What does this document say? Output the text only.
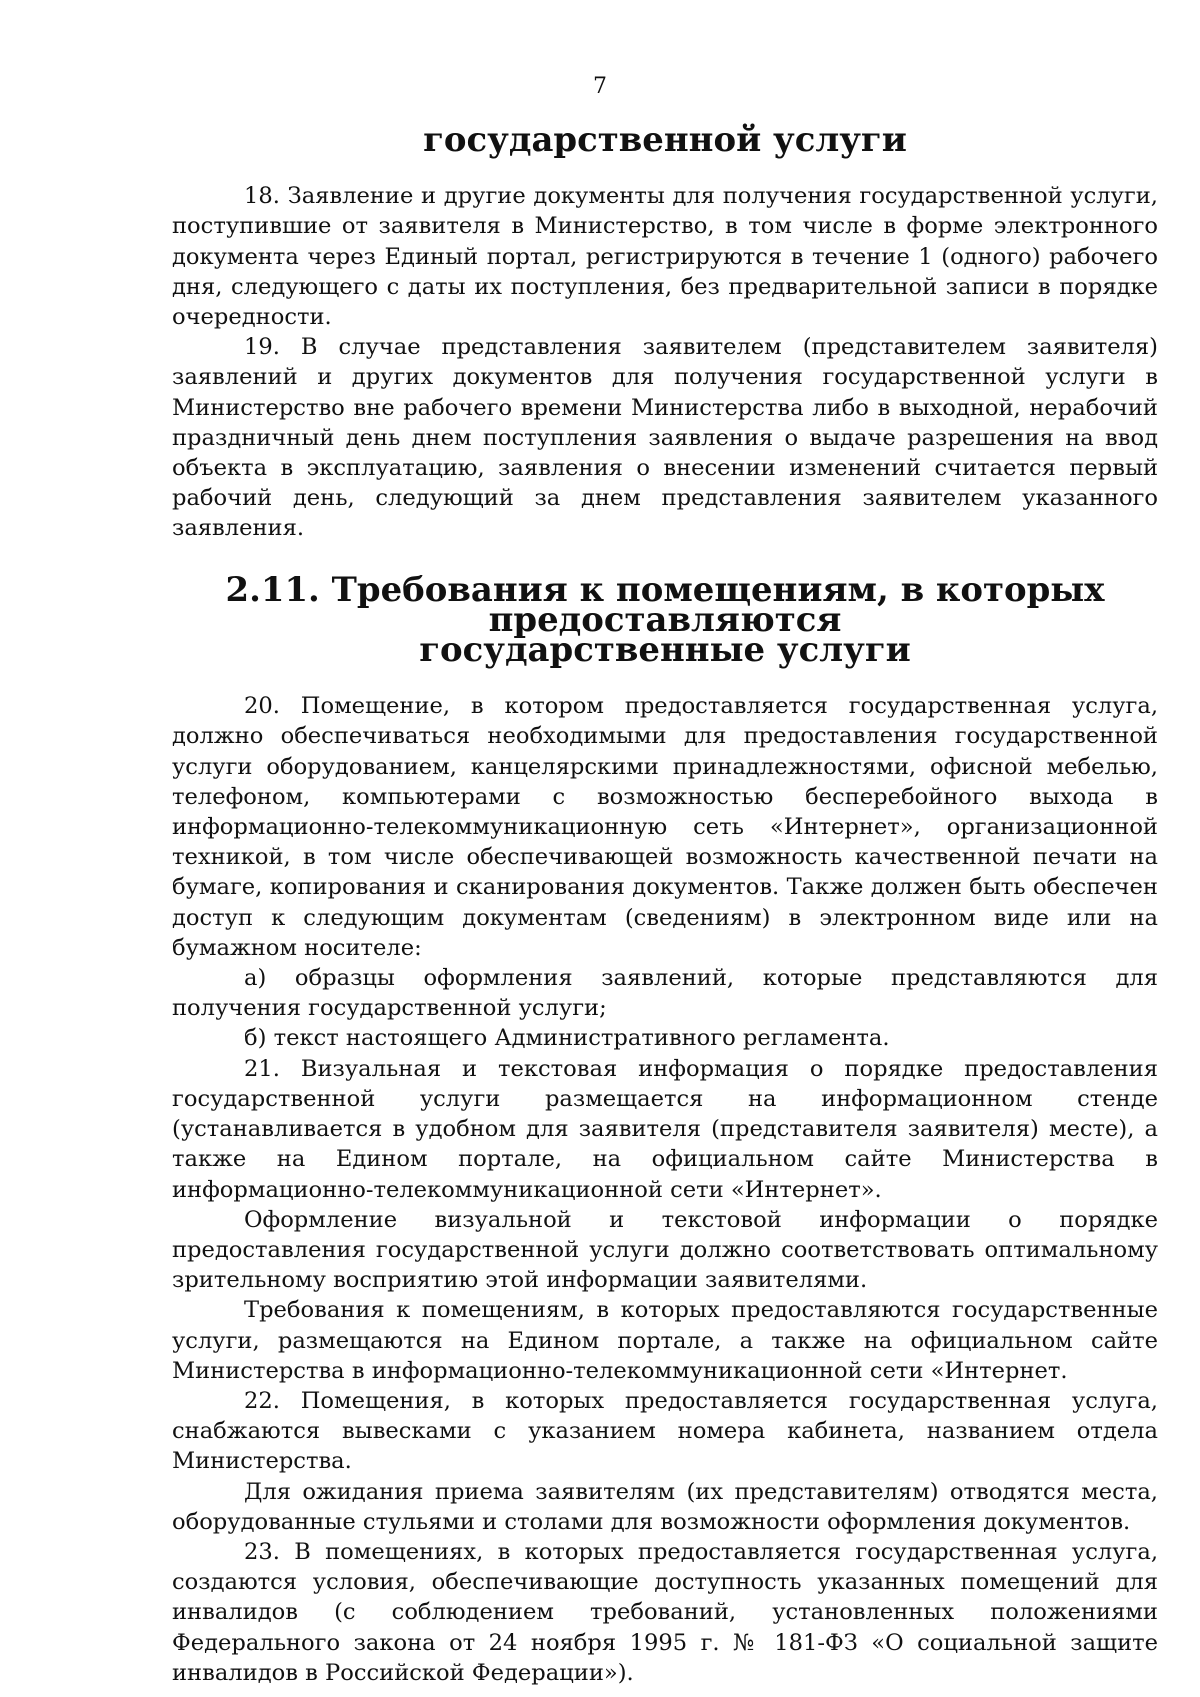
7
государственной услуги

18. Заявление и другие документы для получения государственной услуги, поступившие от заявителя в Министерство, в том числе в форме электронного документа через Единый портал, регистрируются в течение 1 (одного) рабочего дня, следующего с даты их поступления, без предварительной записи в порядке очередности.

19. В случае представления заявителем (представителем заявителя) заявлений и других документов для получения государственной услуги в Министерство вне рабочего времени Министерства либо в выходной, нерабочий праздничный день днем поступления заявления о выдаче разрешения на ввод объекта в эксплуатацию, заявления о внесении изменений считается первый рабочий день, следующий за днем представления заявителем указанного заявления.

2.11. Требования к помещениям, в которых предоставляются
государственные услуги

20. Помещение, в котором предоставляется государственная услуга, должно обеспечиваться необходимыми для предоставления государственной услуги оборудованием, канцелярскими принадлежностями, офисной мебелью, телефоном, компьютерами с возможностью бесперебойного выхода в информационно-телекоммуникационную сеть «Интернет», организационной техникой, в том числе обеспечивающей возможность качественной печати на бумаге, копирования и сканирования документов. Также должен быть обеспечен доступ к следующим документам (сведениям) в электронном виде или на бумажном носителе:

а) образцы оформления заявлений, которые представляются для получения государственной услуги;

б) текст настоящего Административного регламента.

21. Визуальная и текстовая информация о порядке предоставления государственной услуги размещается на информационном стенде (устанавливается в удобном для заявителя (представителя заявителя) месте), а также на Едином портале, на официальном сайте Министерства в информационно-телекоммуникационной сети «Интернет».

Оформление визуальной и текстовой информации о порядке предоставления государственной услуги должно соответствовать оптимальному зрительному восприятию этой информации заявителями.

Требования к помещениям, в которых предоставляются государственные услуги, размещаются на Едином портале, а также на официальном сайте Министерства в информационно-телекоммуникационной сети «Интернет.

22. Помещения, в которых предоставляется государственная услуга, снабжаются вывесками с указанием номера кабинета, названием отдела Министерства.

Для ожидания приема заявителям (их представителям) отводятся места, оборудованные стульями и столами для возможности оформления документов.

23. В помещениях, в которых предоставляется государственная услуга, создаются условия, обеспечивающие доступность указанных помещений для инвалидов (с соблюдением требований, установленных положениями Федерального закона от 24 ноября 1995 г. № 181-ФЗ «О социальной защите инвалидов в Российской Федерации»).
